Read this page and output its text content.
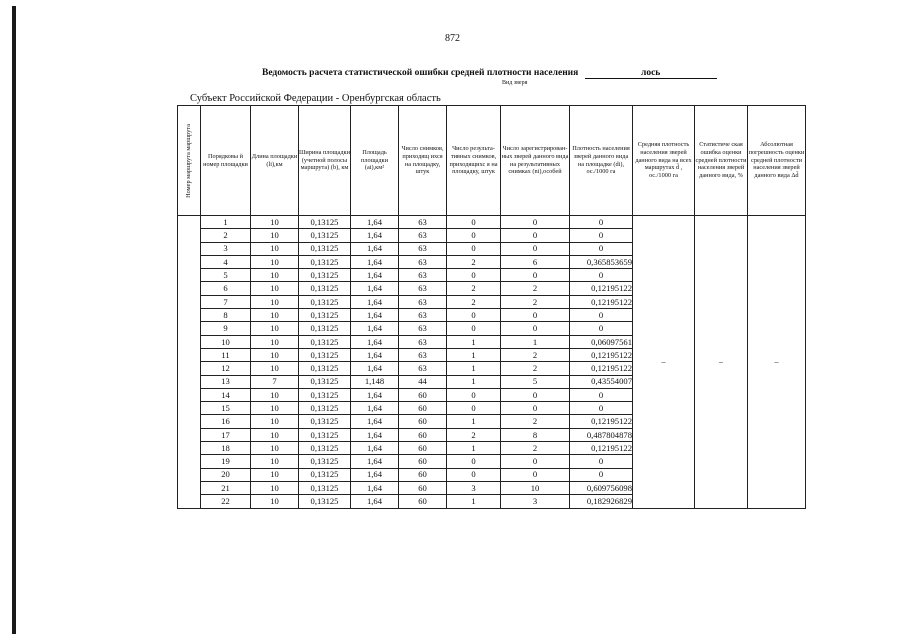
872
Ведомость расчета статистической ошибки средней плотности населения	лось
Вид зверя
Субъект Российской Федерации - Оренбургская область
Номер маршрута маршрута	Порядковы й номер площадки	Длина площадки (li),км	Ширина площадки (учетной полосы маршрута) (b), км	Площадь площадки (ai),км²	Число снимков, приходящ ихся на площадку, штук	Число результа- тивных снимков, приходящихс я на площадку, штук	Число зарегистрирован- ных зверей данного вида на результативных снимках (ni),особей	Плотность населения зверей данного вида на площадке (di), ос./1000 га	Средняя плотность населения зверей данного вида на всех маршрутах d̄ , ос./1000 га	Статистиче ская ошибка оценки средней плотности населения зверей данного вида, %	Абсолютная погрешность оценки средней плотности населения зверей данного вида Δd̄
	1	10	0,13125	1,64	63	0	0	0	–	–	–
	2	10	0,13125	1,64	63	0	0	0			
	3	10	0,13125	1,64	63	0	0	0			
	4	10	0,13125	1,64	63	2	6	0,365853659			
	5	10	0,13125	1,64	63	0	0	0			
	6	10	0,13125	1,64	63	2	2	0,12195122			
	7	10	0,13125	1,64	63	2	2	0,12195122			
	8	10	0,13125	1,64	63	0	0	0			
	9	10	0,13125	1,64	63	0	0	0			
	10	10	0,13125	1,64	63	1	1	0,06097561			
	11	10	0,13125	1,64	63	1	2	0,12195122			
	12	10	0,13125	1,64	63	1	2	0,12195122			
	13	7	0,13125	1,148	44	1	5	0,43554007			
	14	10	0,13125	1,64	60	0	0	0			
	15	10	0,13125	1,64	60	0	0	0			
	16	10	0,13125	1,64	60	1	2	0,12195122			
	17	10	0,13125	1,64	60	2	8	0,487804878			
	18	10	0,13125	1,64	60	1	2	0,12195122			
	19	10	0,13125	1,64	60	0	0	0			
	20	10	0,13125	1,64	60	0	0	0			
	21	10	0,13125	1,64	60	3	10	0,609756098			
	22	10	0,13125	1,64	60	1	3	0,182926829			
